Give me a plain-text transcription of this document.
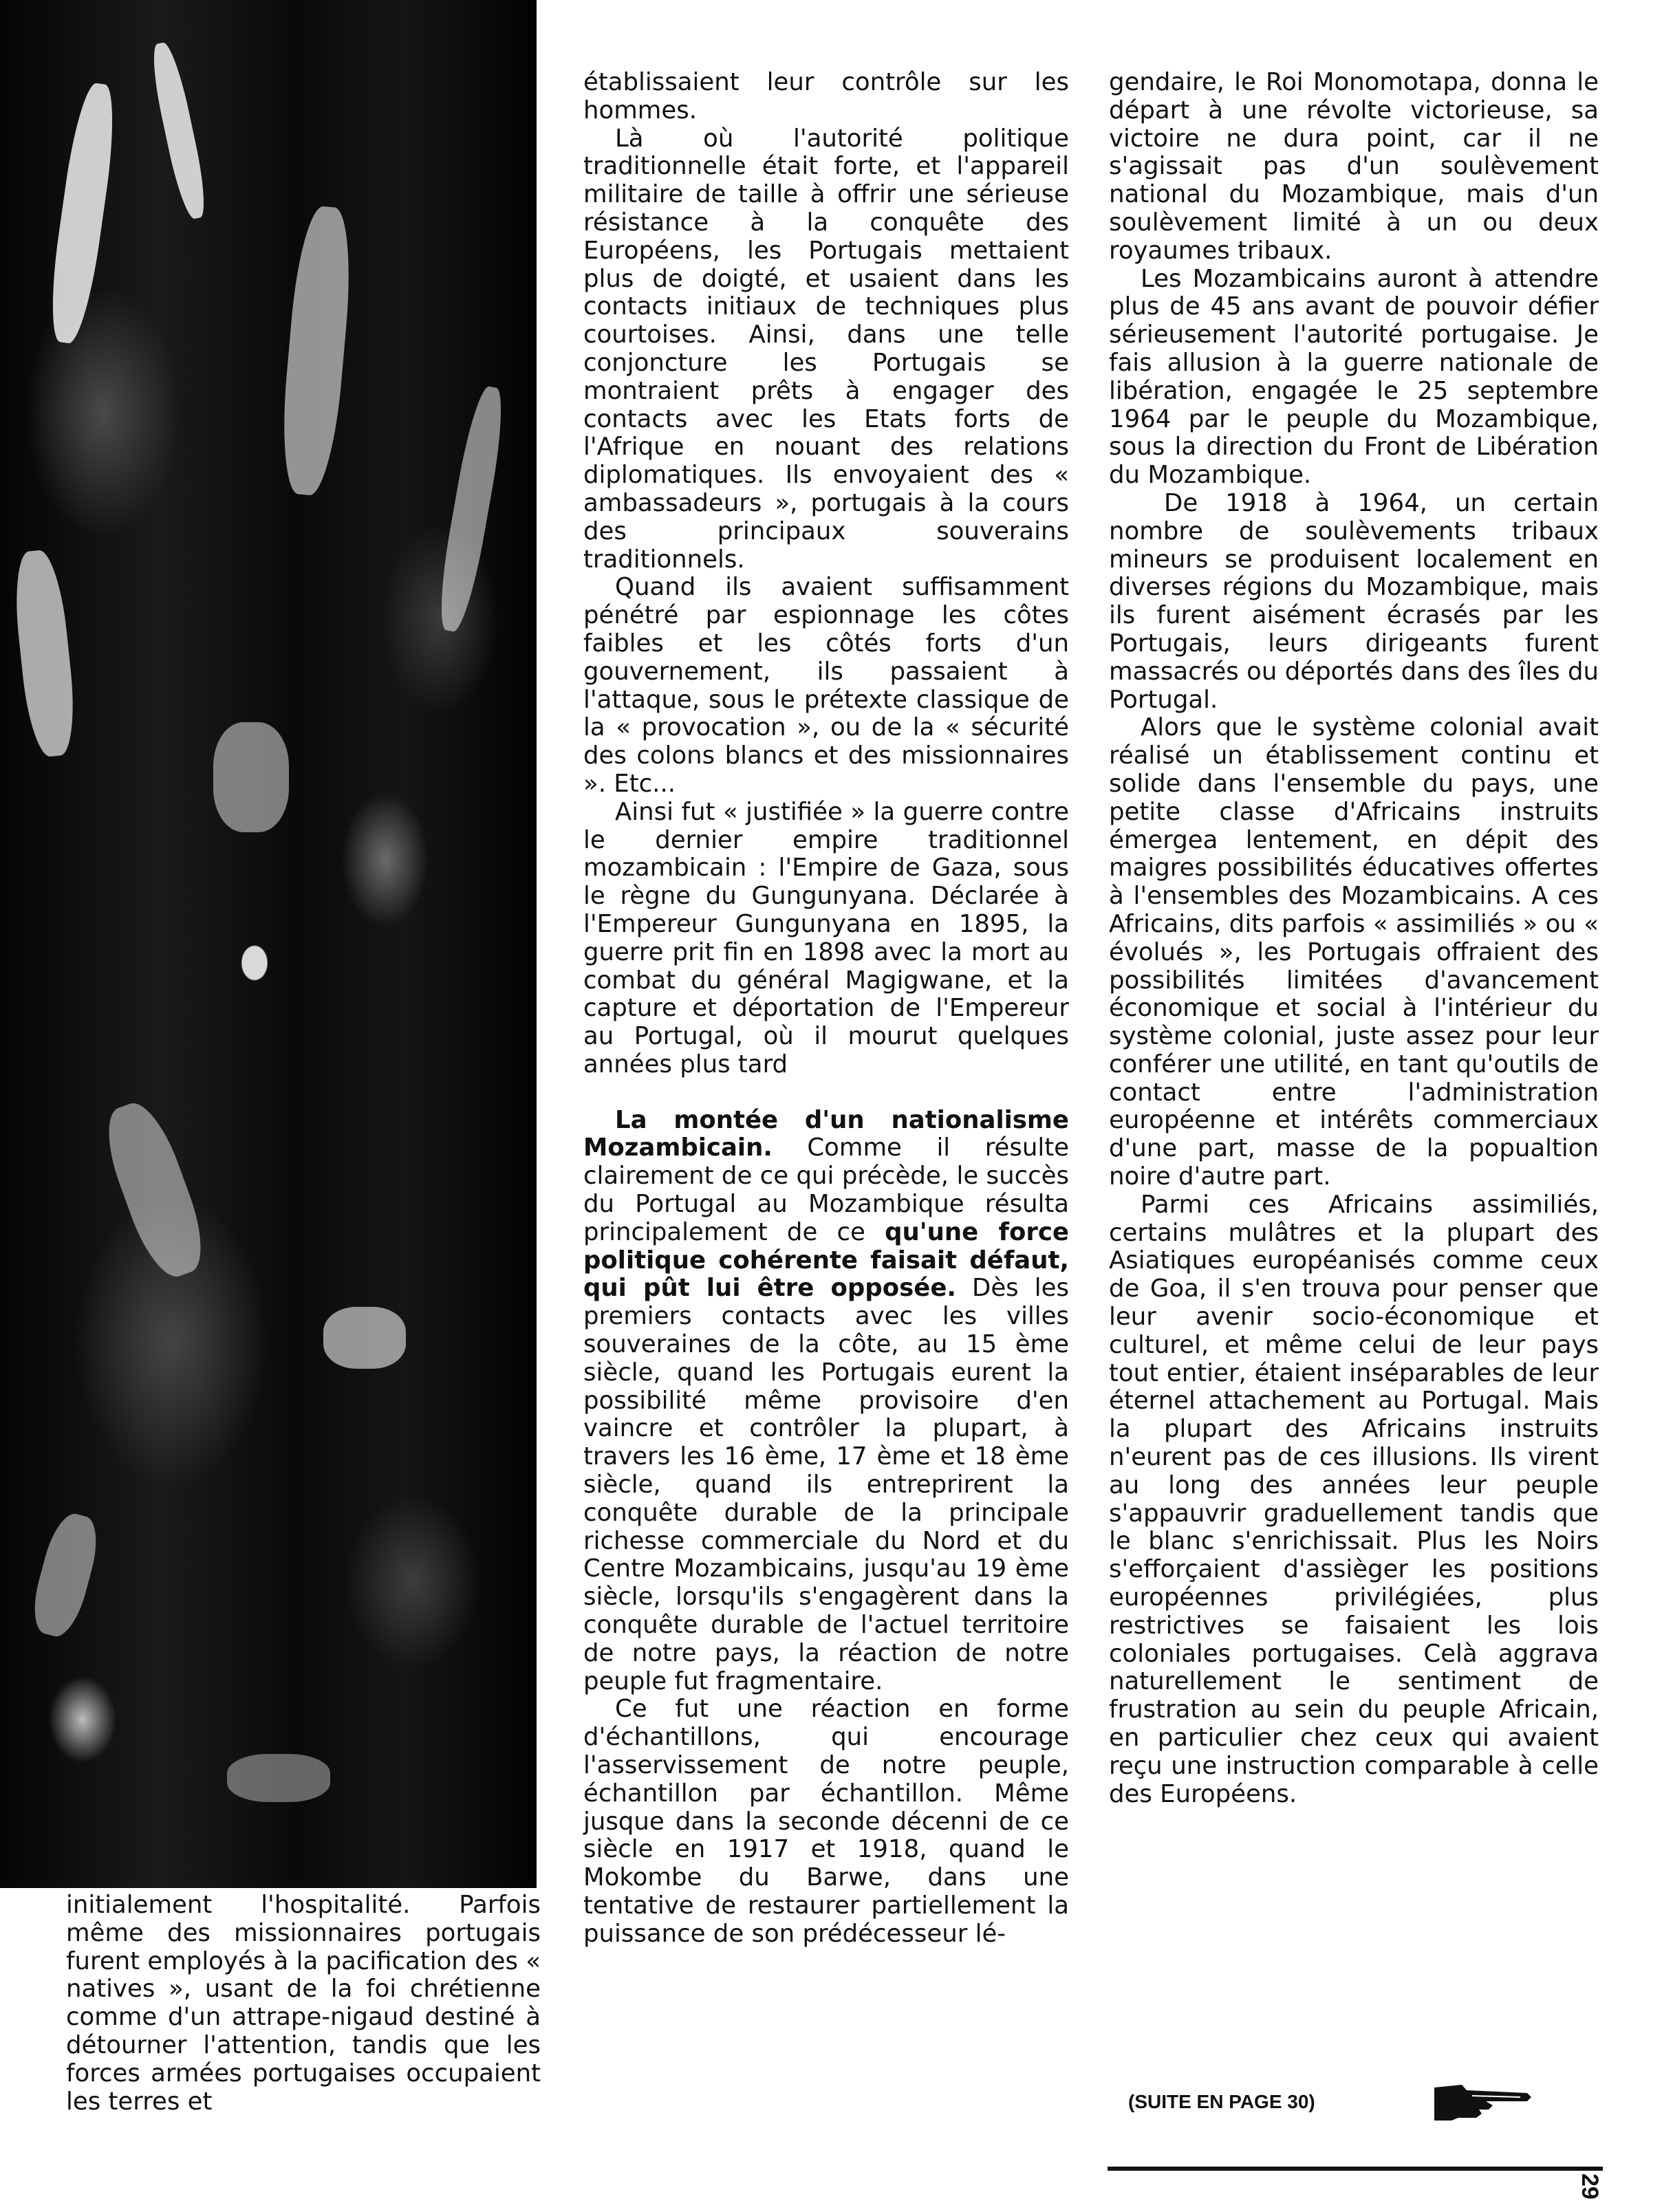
initialement l'hospitalité. Parfois même des missionnaires portugais furent employés à la pacification des « natives », usant de la foi chrétienne comme d'un attrape-nigaud destiné à détourner l'attention, tandis que les forces armées portugaises occupaient les terres et

établissaient leur contrôle sur les hommes.

Là où l'autorité politique traditionnelle était forte, et l'appareil militaire de taille à offrir une sérieuse résistance à la conquête des Européens, les Portugais mettaient plus de doigté, et usaient dans les contacts initiaux de techniques plus courtoises. Ainsi, dans une telle conjoncture les Portugais se montraient prêts à engager des contacts avec les Etats forts de l'Afrique en nouant des relations diplomatiques. Ils envoyaient des « ambassadeurs », portugais à la cours des principaux souverains traditionnels.

Quand ils avaient suffisamment pénétré par espionnage les côtes faibles et les côtés forts d'un gouvernement, ils passaient à l'attaque, sous le prétexte classique de la « provocation », ou de la « sécurité des colons blancs et des missionnaires ». Etc...

Ainsi fut « justifiée » la guerre contre le dernier empire traditionnel mozambicain : l'Empire de Gaza, sous le règne du Gungunyana. Déclarée à l'Empereur Gungunyana en 1895, la guerre prit fin en 1898 avec la mort au combat du général Magigwane, et la capture et déportation de l'Empereur au Portugal, où il mourut quelques années plus tard

La montée d'un nationalisme Mozambicain. Comme il résulte clairement de ce qui précède, le succès du Portugal au Mozambique résulta principalement de ce qu'une force politique cohérente faisait défaut, qui pût lui être opposée. Dès les premiers contacts avec les villes souveraines de la côte, au 15 ème siècle, quand les Portugais eurent la possibilité même provisoire d'en vaincre et contrôler la plupart, à travers les 16 ème, 17 ème et 18 ème siècle, quand ils entreprirent la conquête durable de la principale richesse commerciale du Nord et du Centre Mozambicains, jusqu'au 19 ème siècle, lorsqu'ils s'engagèrent dans la conquête durable de l'actuel territoire de notre pays, la réaction de notre peuple fut fragmentaire.

Ce fut une réaction en forme d'échantillons, qui encourage l'asservissement de notre peuple, échantillon par échantillon. Même jusque dans la seconde décenni de ce siècle en 1917 et 1918, quand le Mokombe du Barwe, dans une tentative de restaurer partiellement la puissance de son prédécesseur lé-

gendaire, le Roi Monomotapa, donna le départ à une révolte victorieuse, sa victoire ne dura point, car il ne s'agissait pas d'un soulèvement national du Mozambique, mais d'un soulèvement limité à un ou deux royaumes tribaux.

Les Mozambicains auront à attendre plus de 45 ans avant de pouvoir défier sérieusement l'autorité portugaise. Je fais allusion à la guerre nationale de libération, engagée le 25 septembre 1964 par le peuple du Mozambique, sous la direction du Front de Libération du Mozambique.

De 1918 à 1964, un certain nombre de soulèvements tribaux mineurs se produisent localement en diverses régions du Mozambique, mais ils furent aisément écrasés par les Portugais, leurs dirigeants furent massacrés ou déportés dans des îles du Portugal.

Alors que le système colonial avait réalisé un établissement continu et solide dans l'ensemble du pays, une petite classe d'Africains instruits émergea lentement, en dépit des maigres possibilités éducatives offertes à l'ensembles des Mozambicains. A ces Africains, dits parfois « assimiliés » ou « évolués », les Portugais offraient des possibilités limitées d'avancement économique et social à l'intérieur du système colonial, juste assez pour leur conférer une utilité, en tant qu'outils de contact entre l'administration européenne et intérêts commerciaux d'une part, masse de la popualtion noire d'autre part.

Parmi ces Africains assimiliés, certains mulâtres et la plupart des Asiatiques européanisés comme ceux de Goa, il s'en trouva pour penser que leur avenir socio-économique et culturel, et même celui de leur pays tout entier, étaient inséparables de leur éternel attachement au Portugal. Mais la plupart des Africains instruits n'eurent pas de ces illusions. Ils virent au long des années leur peuple s'appauvrir graduellement tandis que le blanc s'enrichissait. Plus les Noirs s'efforçaient d'assièger les positions européennes privilégiées, plus restrictives se faisaient les lois coloniales portugaises. Celà aggrava naturellement le sentiment de frustration au sein du peuple Africain, en particulier chez ceux qui avaient reçu une instruction comparable à celle des Européens.

(SUITE EN PAGE 30)
29
